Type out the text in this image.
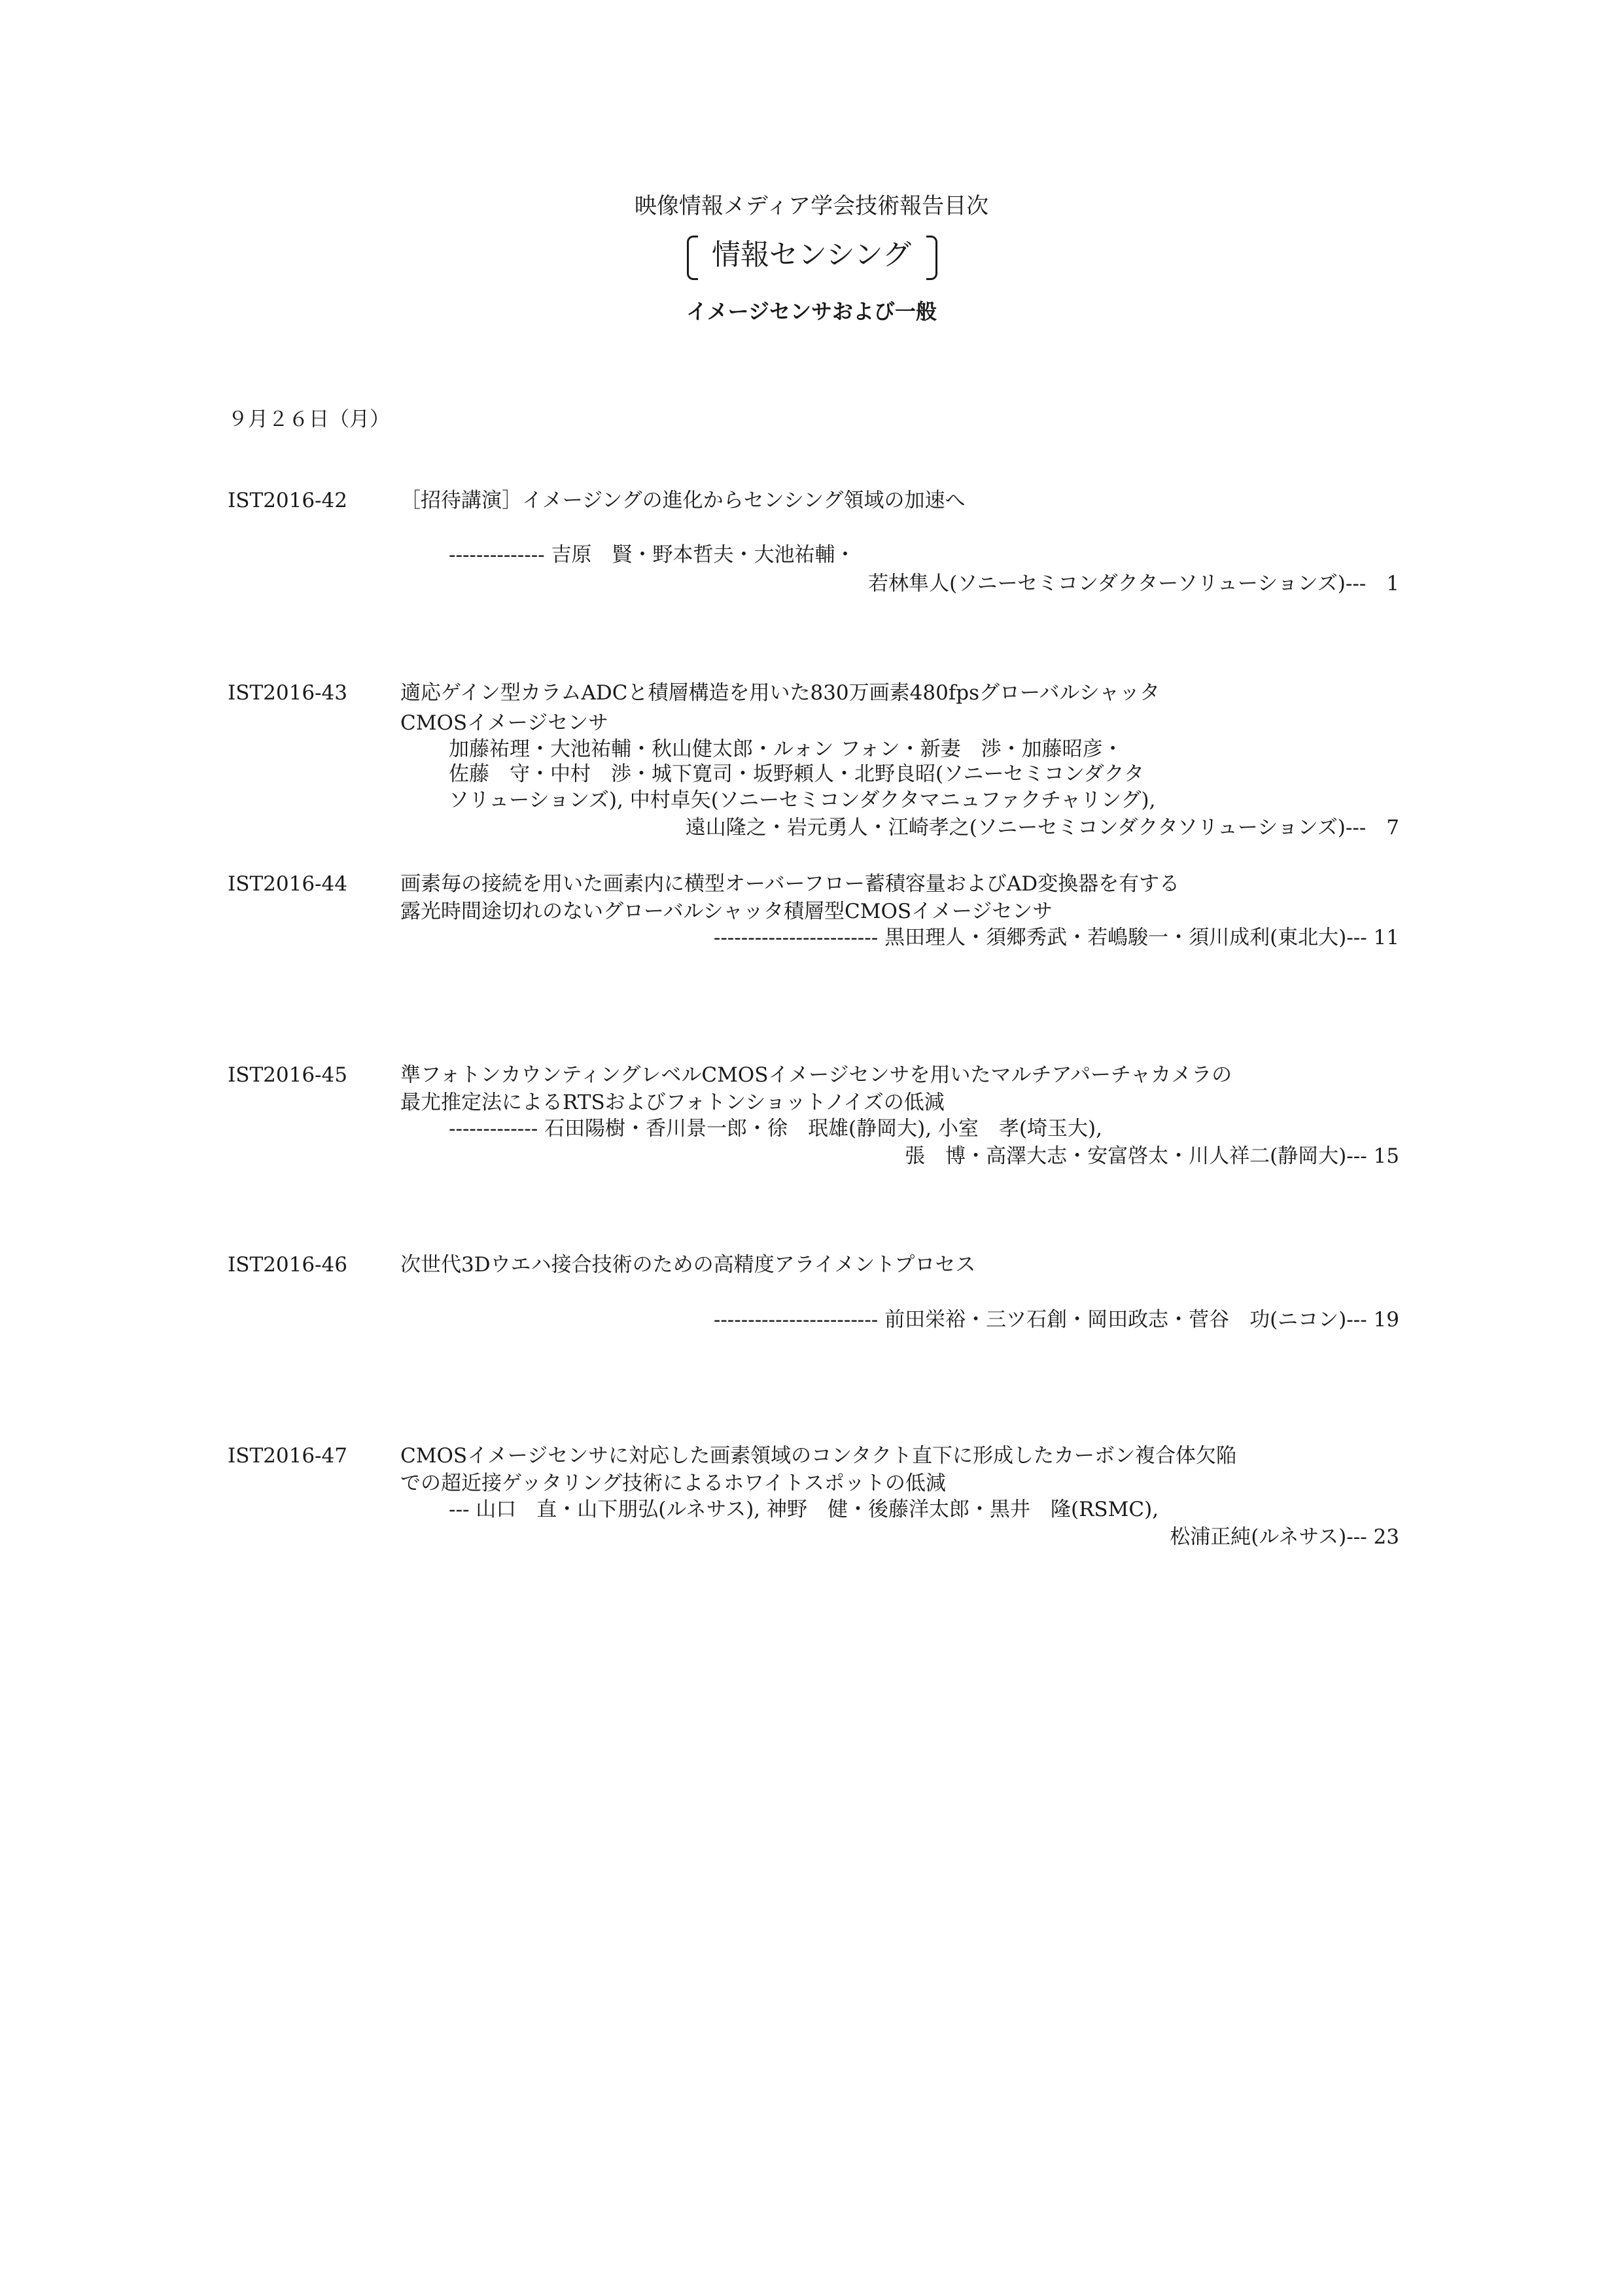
映像情報メディア学会技術報告目次
情報センシング
イメージセンサおよび一般
９月２６日（月）
IST2016-42	［招待講演］イメージングの進化からセンシング領域の加速へ
-------------- 吉原　賢・野本哲夫・大池祐輔・
若林隼人(ソニーセミコンダクターソリューションズ)---　1
IST2016-43	適応ゲイン型カラムADCと積層構造を用いた830万画素480fpsグローバルシャッタ
CMOSイメージセンサ
加藤祐理・大池祐輔・秋山健太郎・ルォン フォン・新妻　渉・加藤昭彦・
佐藤　守・中村　渉・城下寛司・坂野頼人・北野良昭(ソニーセミコンダクタ
ソリューションズ), 中村卓矢(ソニーセミコンダクタマニュファクチャリング),
遠山隆之・岩元勇人・江崎孝之(ソニーセミコンダクタソリューションズ)---　7
IST2016-44	画素毎の接続を用いた画素内に横型オーバーフロー蓄積容量およびAD変換器を有する
露光時間途切れのないグローバルシャッタ積層型CMOSイメージセンサ
------------------------ 黒田理人・須郷秀武・若嶋駿一・須川成利(東北大)--- 11
IST2016-45	準フォトンカウンティングレベルCMOSイメージセンサを用いたマルチアパーチャカメラの
最尤推定法によるRTSおよびフォトンショットノイズの低減
------------- 石田陽樹・香川景一郎・徐　珉雄(静岡大), 小室　孝(埼玉大),
張　博・高澤大志・安富啓太・川人祥二(静岡大)--- 15
IST2016-46	次世代3Dウエハ接合技術のための高精度アライメントプロセス
------------------------ 前田栄裕・三ツ石創・岡田政志・菅谷　功(ニコン)--- 19
IST2016-47	CMOSイメージセンサに対応した画素領域のコンタクト直下に形成したカーボン複合体欠陥
での超近接ゲッタリング技術によるホワイトスポットの低減
--- 山口　直・山下朋弘(ルネサス), 神野　健・後藤洋太郎・黒井　隆(RSMC),
松浦正純(ルネサス)--- 23
